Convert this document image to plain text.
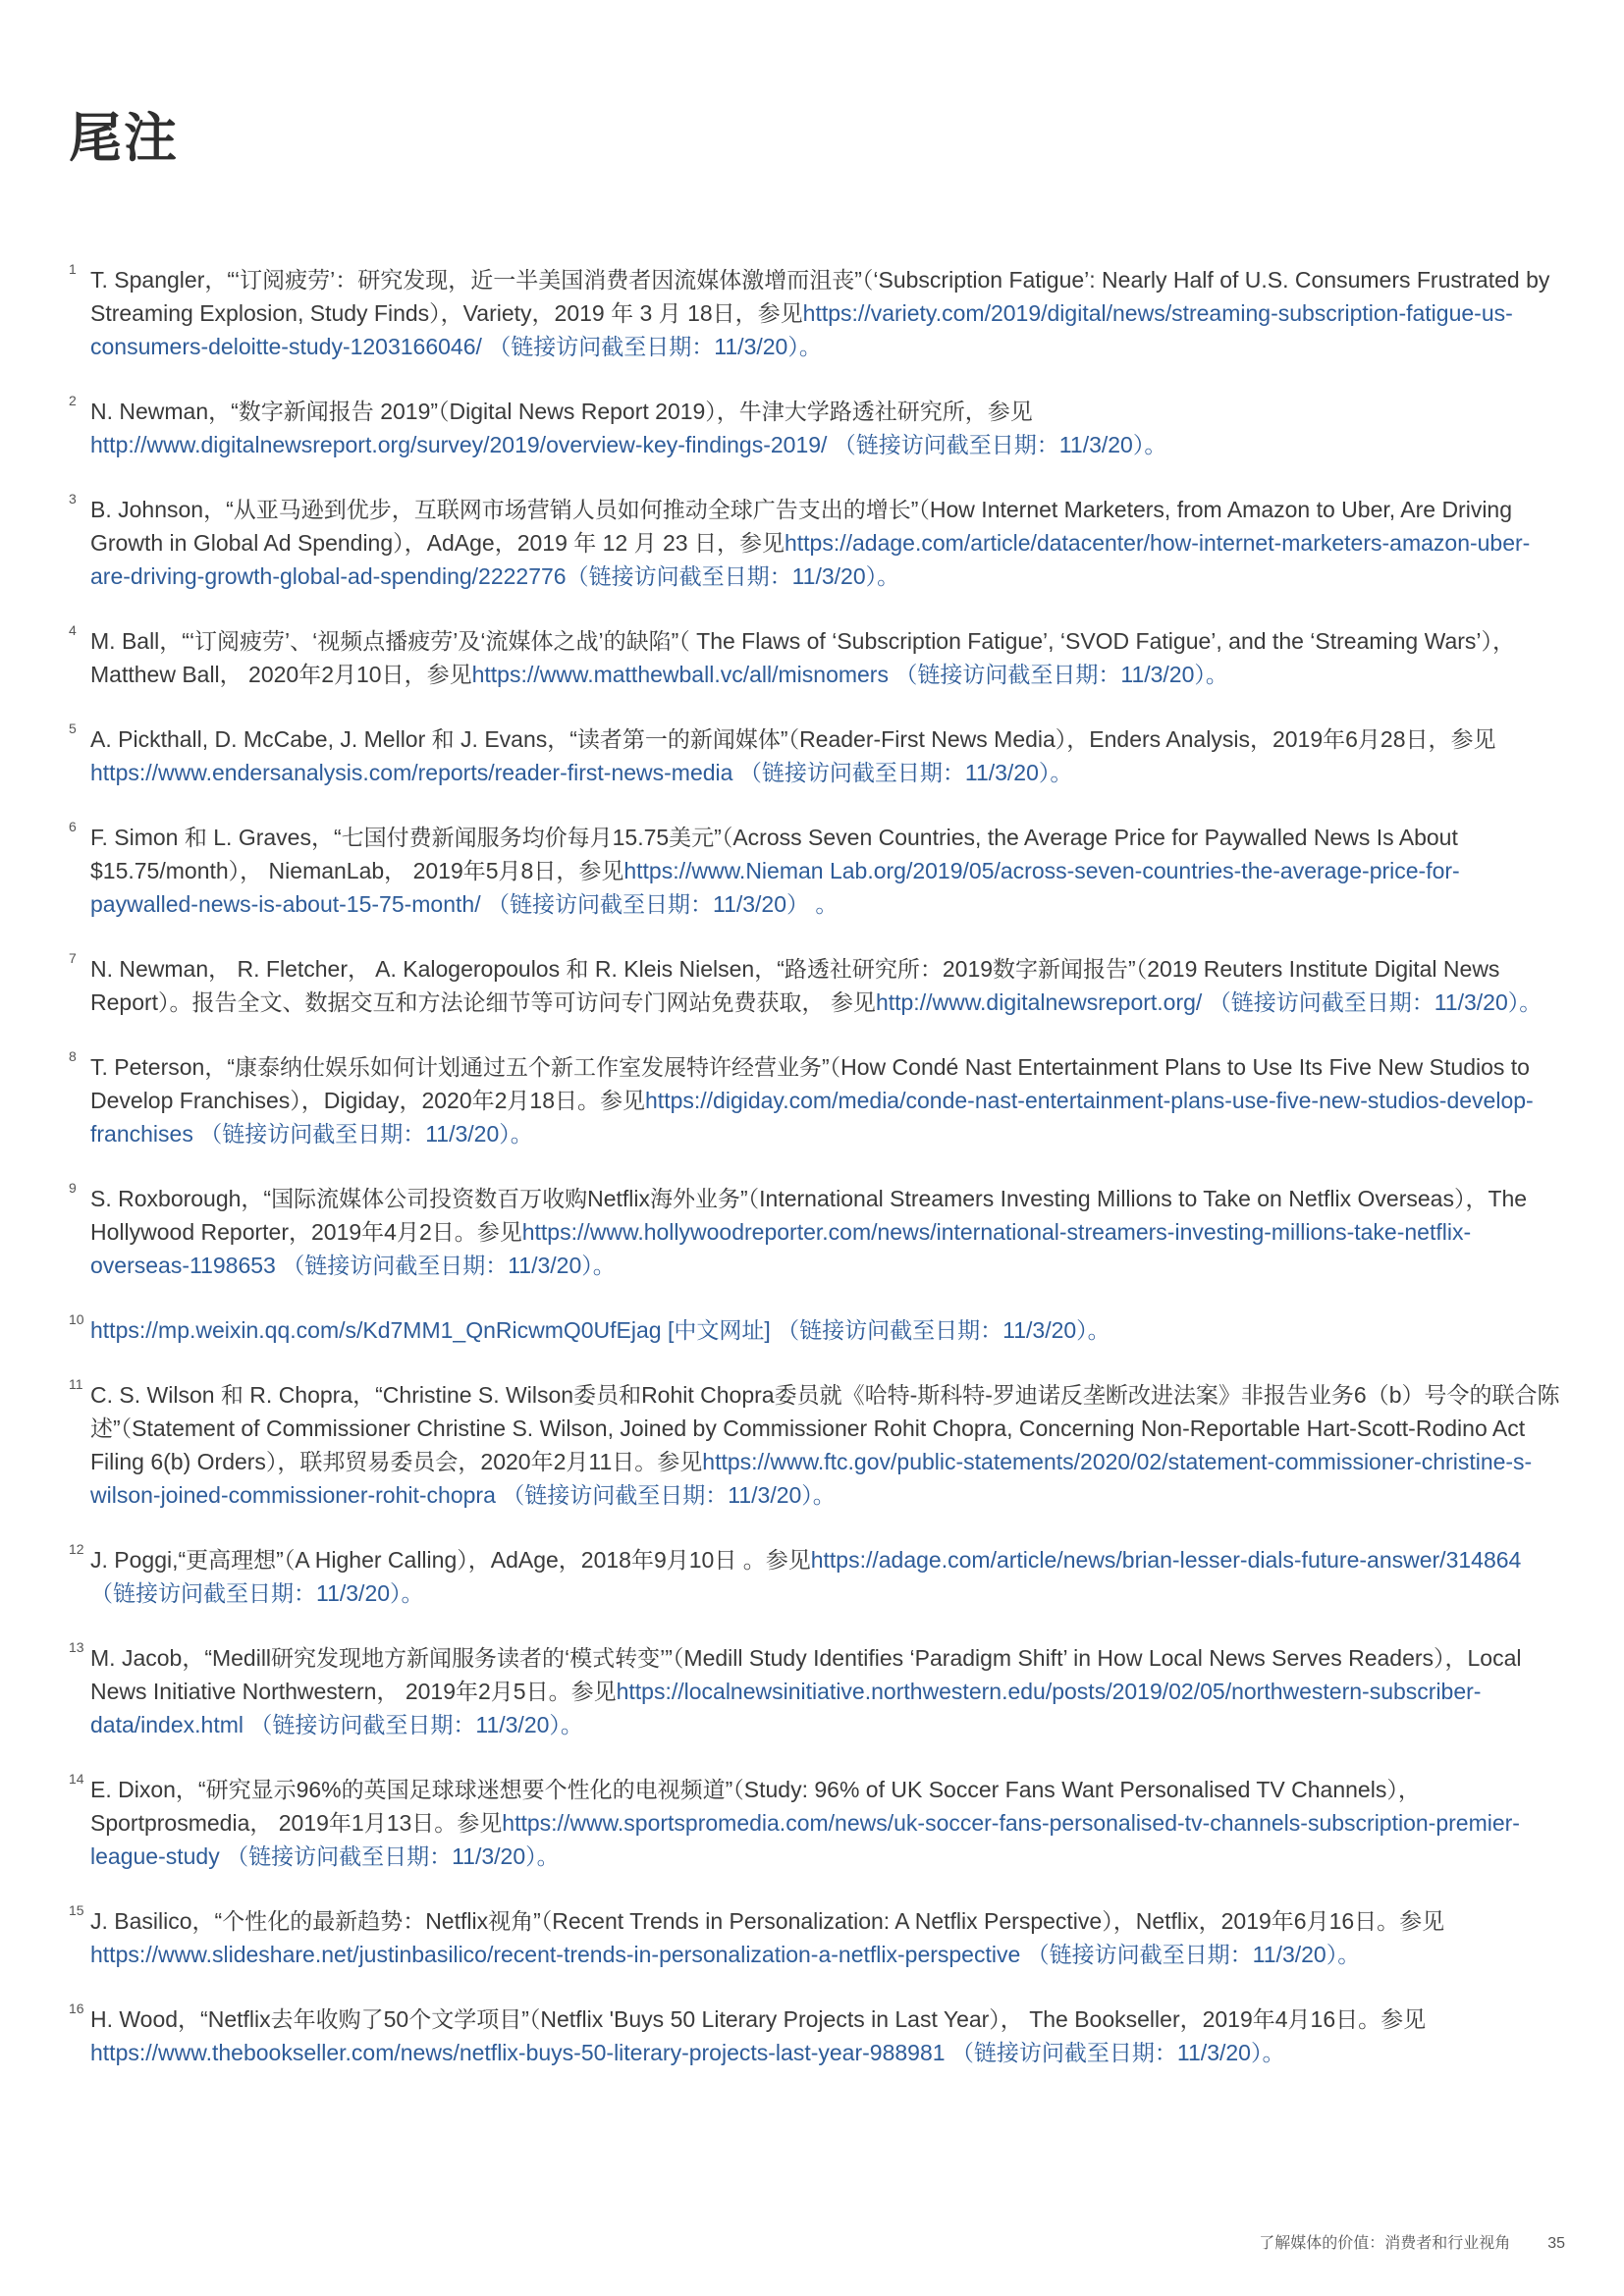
尾注
1 T. Spangler，“‘订阅疲劳’：研究发现，近一半美国消费者因流媒体激增而沮丧”（‘Subscription Fatigue’: Nearly Half of U.S. Consumers Frustrated by Streaming Explosion, Study Finds），Variety，2019 年 3 月 18日，参见https://variety.com/2019/digital/news/streaming-subscription-fatigue-us-consumers-deloitte-study-1203166046/ （链接访问截至日期：11/3/20）。
2 N. Newman，“数字新闻报告 2019”（Digital News Report 2019），牛津大学路透社研究所，参见http://www.digitalnewsreport.org/survey/2019/overview-key-findings-2019/ （链接访问截至日期：11/3/20）。
3 B. Johnson，“从亚马逊到优步，互联网市场营销人员如何推动全球广告支出的增长”（How Internet Marketers, from Amazon to Uber, Are Driving Growth in Global Ad Spending），AdAge，2019 年 12 月 23 日，参见https://adage.com/article/datacenter/how-internet-marketers-amazon-uber-are-driving-growth-global-ad-spending/2222776（链接访问截至日期：11/3/20）。
4 M. Ball，“‘订阅疲劳’、‘视频点播疲劳’及‘流媒体之战’的缺陷”（ The Flaws of ‘Subscription Fatigue’, ‘SVOD Fatigue’, and the ‘Streaming Wars’），Matthew Ball， 2020年2月10日，参见https://www.matthewball.vc/all/misnomers （链接访问截至日期：11/3/20）。
5 A. Pickthall, D. McCabe, J. Mellor 和 J. Evans，“读者第一的新闻媒体”（Reader-First News Media），Enders Analysis，2019年6月28日，参见https://www.endersanalysis.com/reports/reader-first-news-media （链接访问截至日期：11/3/20）。
6 F. Simon 和 L. Graves，“七国付费新闻服务均价每月15.75美元”（Across Seven Countries, the Average Price for Paywalled News Is About $15.75/month）， NiemanLab， 2019年5月8日，参见https://www.Nieman Lab.org/2019/05/across-seven-countries-the-average-price-for-paywalled-news-is-about-15-75-month/ （链接访问截至日期：11/3/20） 。
7 N. Newman， R. Fletcher， A. Kalogeropoulos 和 R. Kleis Nielsen，“路透社研究所：2019数字新闻报告”（2019 Reuters Institute Digital News Report）。报告全文、数据交互和方法论细节等可访问专门网站免费获取， 参见http://www.digitalnewsreport.org/ （链接访问截至日期：11/3/20）。
8 T. Peterson，“康泰纳仕娱乐如何计划通过五个新工作室发展特许经营业务”（How Condé Nast Entertainment Plans to Use Its Five New Studios to Develop Franchises），Digiday，2020年2月18日。参见https://digiday.com/media/conde-nast-entertainment-plans-use-five-new-studios-develop-franchises （链接访问截至日期：11/3/20）。
9 S. Roxborough，“国际流媒体公司投资数百万收购Netflix海外业务”（International Streamers Investing Millions to Take on Netflix Overseas），The Hollywood Reporter，2019年4月2日。参见https://www.hollywoodreporter.com/news/international-streamers-investing-millions-take-netflix-overseas-1198653 （链接访问截至日期：11/3/20）。
10 https://mp.weixin.qq.com/s/Kd7MM1_QnRicwmQ0UfEjag [中文网址] （链接访问截至日期：11/3/20）。
11 C. S. Wilson 和 R. Chopra，“Christine S. Wilson委员和Rohit Chopra委员就《哈特-斯科特-罗迪诺反垄断改进法案》非报告业务6（b）号令的联合陈述”（Statement of Commissioner Christine S. Wilson, Joined by Commissioner Rohit Chopra, Concerning Non-Reportable Hart-Scott-Rodino Act Filing 6(b) Orders），联邦贸易委员会，2020年2月11日。参见https://www.ftc.gov/public-statements/2020/02/statement-commissioner-christine-s-wilson-joined-commissioner-rohit-chopra （链接访问截至日期：11/3/20）。
12 J. Poggi,“更高理想”（A Higher Calling），AdAge，2018年9月10日 。参见https://adage.com/article/news/brian-lesser-dials-future-answer/314864 （链接访问截至日期：11/3/20）。
13 M. Jacob，“Medill研究发现地方新闻服务读者的‘模式转变’”（Medill Study Identifies ‘Paradigm Shift’ in How Local News Serves Readers），Local News Initiative Northwestern， 2019年2月5日。参见https://localnewsinitiative.northwestern.edu/posts/2019/02/05/northwestern-subscriber-data/index.html （链接访问截至日期：11/3/20）。
14 E. Dixon，“研究显示96%的英国足球球迷想要个性化的电视频道”（Study: 96% of UK Soccer Fans Want Personalised TV Channels），Sportprosmedia， 2019年1月13日。参见https://www.sportspromedia.com/news/uk-soccer-fans-personalised-tv-channels-subscription-premier-league-study （链接访问截至日期：11/3/20）。
15 J. Basilico，“个性化的最新趋势：Netflix视角”（Recent Trends in Personalization: A Netflix Perspective），Netflix，2019年6月16日。参见https://www.slideshare.net/justinbasilico/recent-trends-in-personalization-a-netflix-perspective （链接访问截至日期：11/3/20）。
16 H. Wood，“Netflix去年收购了50个文学项目”（Netflix 'Buys 50 Literary Projects in Last Year）， The Bookseller，2019年4月16日。参见https://www.thebookseller.com/news/netflix-buys-50-literary-projects-last-year-988981 （链接访问截至日期：11/3/20）。
了解媒体的价值：消费者和行业视角 35
